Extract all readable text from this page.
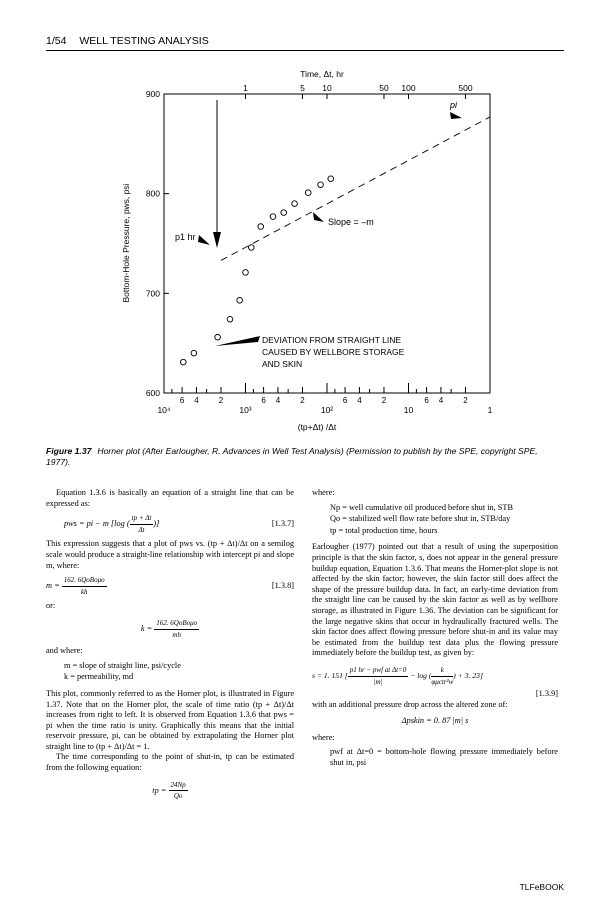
1/54 WELL TESTING ANALYSIS
900
800
700
600
10⁴	10³	10²	10	1
6 4	2	6 4	2	6 4	2	6 4	2
1	5 10	50 100	500
Time, Δt, hr
(tp+Δt) /Δt
Bottom-Hole Pressure, pws, psi	p1 hr
pi
Slope = –m
DEVIATION FROM STRAIGHT LINE
CAUSED BY WELLBORE STORAGE
AND SKIN
Figure 1.37 Horner plot (After Earlougher, R. Advances in Well Test Analysis) (Permission to publish by the SPE, copyright SPE, 1977).

Equation 1.3.6 is basically an equation of a straight line that can be expressed as:

pws = pi − m [log ( $\frac{tp + \Delta t}{\Delta t}$ )]	[1.3.7]

This expression suggests that a plot of pws vs. (tp + Δt)/Δt on a semilog scale would produce a straight-line relationship with intercept pi and slope m, where:

$m = \frac{\text{162. 6QoBoμo}}{kh}$	[1.3.8]

or:

$k = \frac{\text{162. 6QoBoμo}}{mh}$

and where:

m = slope of straight line, psi/cycle
k = permeability, md

This plot, commonly referred to as the Horner plot, is illustrated in Figure 1.37. Note that on the Horner plot, the scale of time ratio (tp + Δt)/Δt increases from right to left. It is observed from Equation 1.3.6 that pws = pi when the time ratio is unity. Graphically this means that the initial reservoir pressure, pi, can be obtained by extrapolating the Horner plot straight line to (tp + Δt)/Δt = 1.

The time corresponding to the point of shut-in, tp can be estimated from the following equation:

tp = $\frac{24Np}{Qo}$

where:

Np = well cumulative oil produced before shut in, STB
Qo = stabilized well flow rate before shut in, STB/day
tp = total production time, hours

Earlougher (1977) pointed out that a result of using the superposition principle is that the skin factor, s, does not appear in the general pressure buildup equation, Equation 1.3.6. That means the Horner-plot slope is not affected by the skin factor; however, the skin factor still does affect the shape of the pressure buildup data. In fact, an early-time deviation from the straight line can be caused by the skin factor as well as by wellbore storage, as illustrated in Figure 1.36. The deviation can be significant for the large negative skins that occur in hydraulically fractured wells. The skin factor does affect flowing pressure before shut-in and its value may be estimated from the buildup test data plus the flowing pressure immediately before the buildup test, as given by:

s = 1. 151 [ $\frac{\text{p1 hr − pwf at Δt=0}}{|m|} - \log$ ( $\frac{k}{\text{φμctr²w}}$ ) + 3. 23]
[1.3.9]

with an additional pressure drop across the altered zone of:

Δpskin = 0. 87 |m| s

where:

pwf at Δt=0 = bottom-hole flowing pressure immediately before shut in, psi
TLFeBOOK
